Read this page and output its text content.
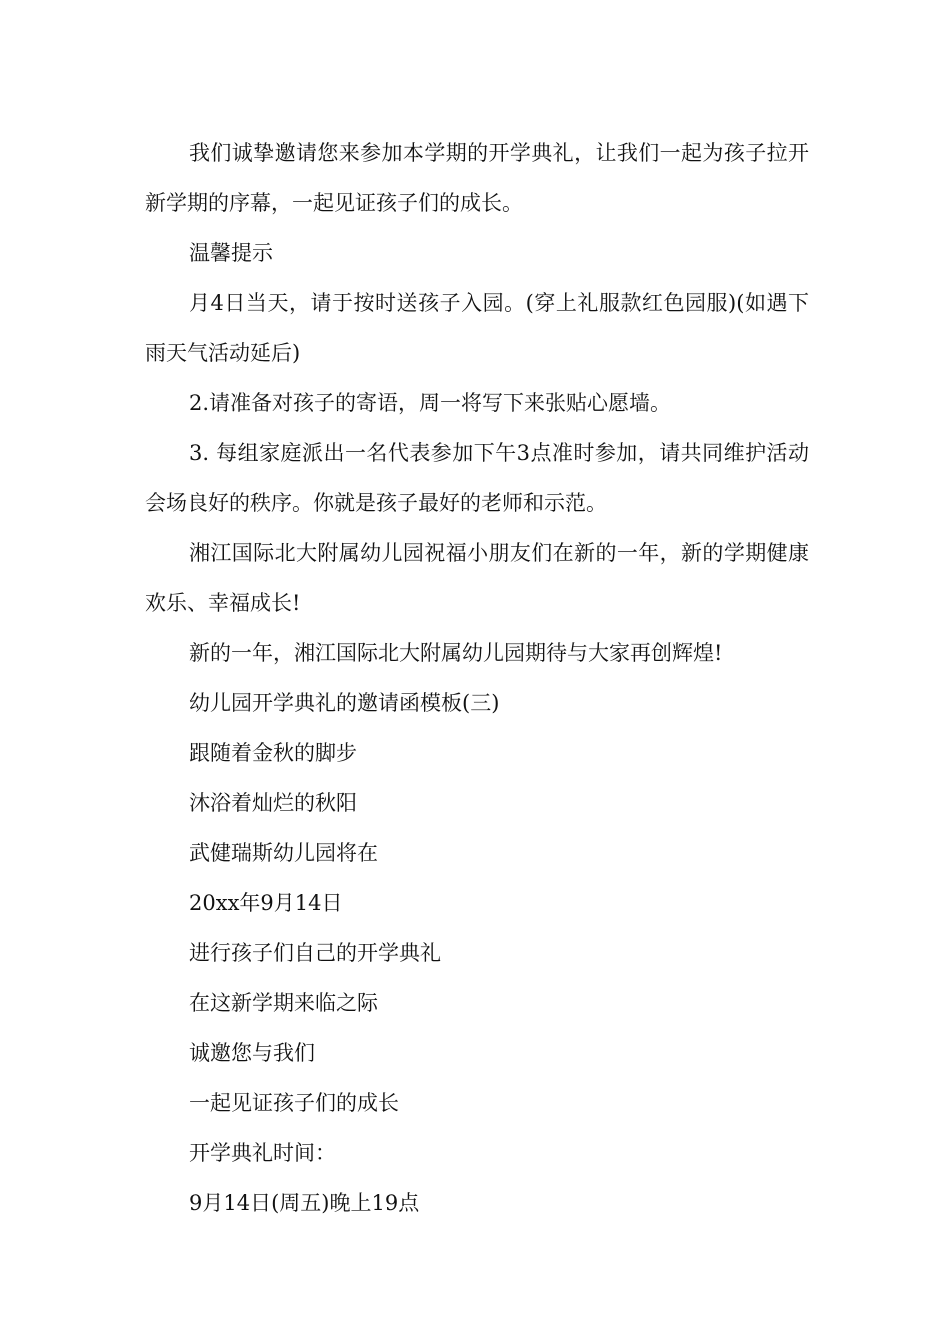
我们诚挚邀请您来参加本学期的开学典礼，让我们一起为孩子拉开新学期的序幕，一起见证孩子们的成长。

温馨提示

月4日当天，请于按时送孩子入园。(穿上礼服款红色园服)(如遇下雨天气活动延后)

2.请准备对孩子的寄语，周一将写下来张贴心愿墙。

3. 每组家庭派出一名代表参加下午3点准时参加，请共同维护活动会场良好的秩序。你就是孩子最好的老师和示范。

湘江国际北大附属幼儿园祝福小朋友们在新的一年，新的学期健康欢乐、幸福成长!

新的一年，湘江国际北大附属幼儿园期待与大家再创辉煌!

幼儿园开学典礼的邀请函模板(三)

跟随着金秋的脚步

沐浴着灿烂的秋阳

武健瑞斯幼儿园将在

20xx年9月14日

进行孩子们自己的开学典礼

在这新学期来临之际

诚邀您与我们

一起见证孩子们的成长

开学典礼时间：

9月14日(周五)晚上19点
